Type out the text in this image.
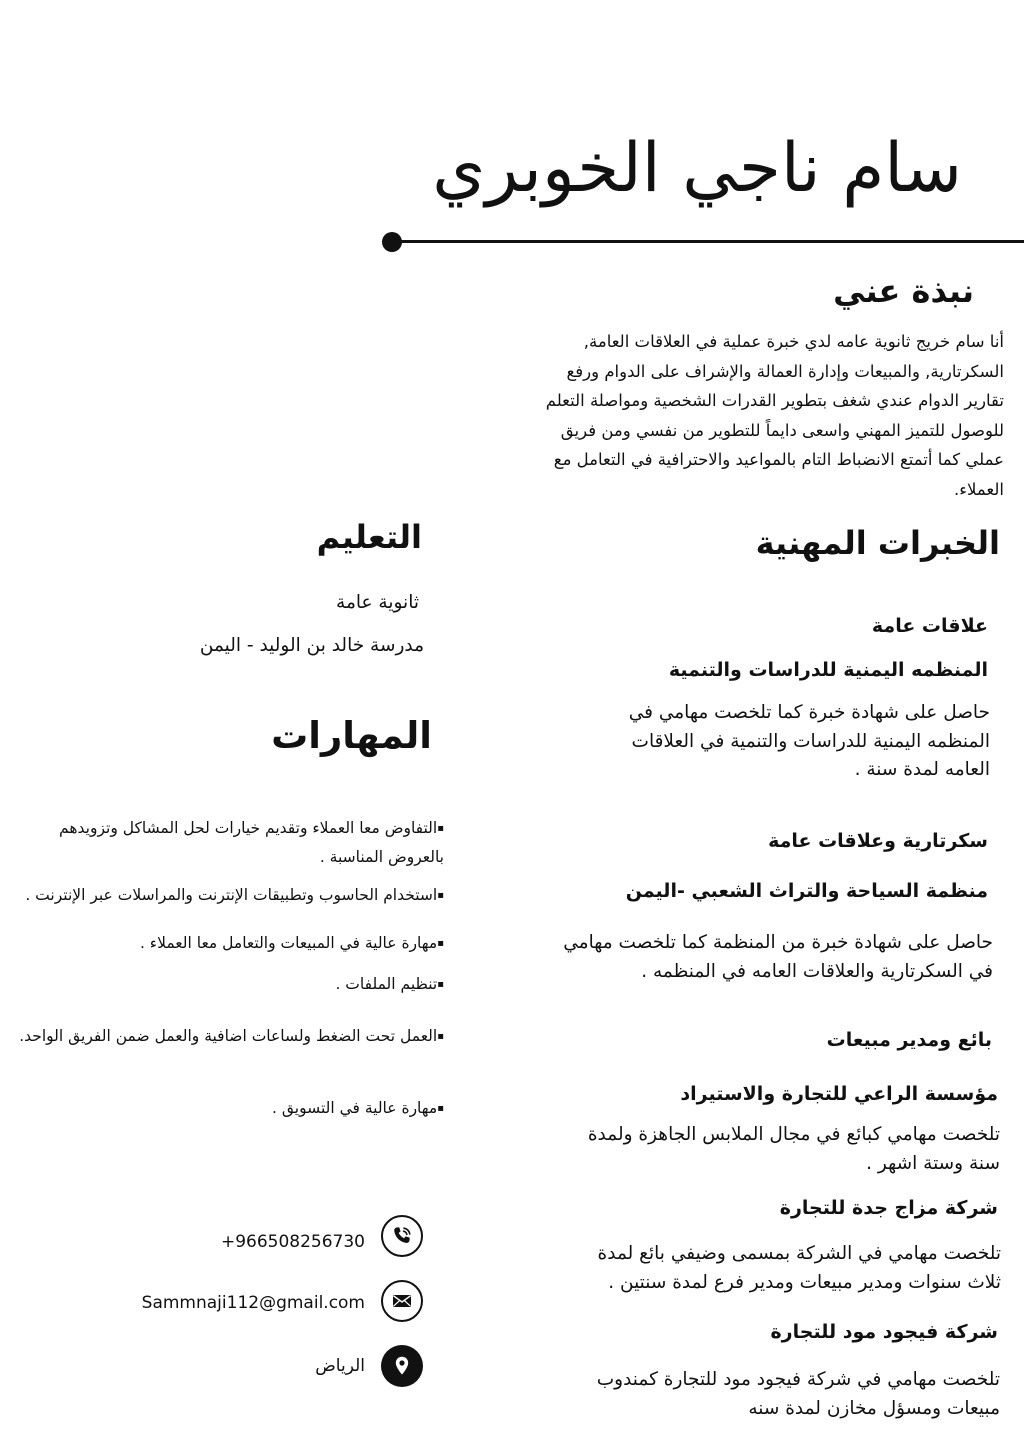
سام ناجي الخوبري
نبذة عني
أنا سام خريج ثانوية عامه لدي خبرة عملية في العلاقات العامة,
السكرتارية, والمبيعات وإدارة العمالة والإشراف على الدوام ورفع
تقارير الدوام عندي شغف بتطوير القدرات الشخصية ومواصلة التعلم
للوصول للتميز المهني واسعى دايماً للتطوير من نفسي ومن فريق
عملي كما أتمتع الانضباط التام بالمواعيد والاحترافية في التعامل مع
العملاء.
الخبرات المهنية
علاقات عامة
المنظمه اليمنية للدراسات والتنمية
حاصل على شهادة خبرة كما تلخصت مهامي في
المنظمه اليمنية للدراسات والتنمية في العلاقات
العامه لمدة سنة .
سكرتارية وعلاقات عامة
منظمة السياحة والتراث الشعبي -اليمن
حاصل على شهادة خبرة من المنظمة كما تلخصت مهامي
في السكرتارية والعلاقات العامه في المنظمه .
بائع ومدير مبيعات
مؤسسة الراعي للتجارة والاستيراد
تلخصت مهامي كبائع في مجال الملابس الجاهزة ولمدة
سنة وستة اشهر .
شركة مزاج جدة للتجارة
تلخصت مهامي في الشركة بمسمى وضيفي بائع لمدة
ثلاث سنوات ومدير مبيعات ومدير فرع لمدة سنتين .
شركة فيجود مود للتجارة
تلخصت مهامي في شركة فيجود مود للتجارة كمندوب
مبيعات ومسؤل مخازن لمدة سنه
التعليم
ثانوية عامة
مدرسة خالد بن الوليد - اليمن
المهارات
▪التفاوض معا العملاء وتقديم خيارات لحل المشاكل وتزويدهم بالعروض المناسبة .
▪استخدام الحاسوب وتطبيقات الإنترنت والمراسلات عبر الإنترنت .
▪مهارة عالية في المبيعات والتعامل معا العملاء .
▪تنظيم الملفات .
▪العمل تحت الضغط ولساعات اضافية والعمل ضمن الفريق الواحد.
▪مهارة عالية في التسويق .
+966508256730
Sammnaji112@gmail.com
الرياض
